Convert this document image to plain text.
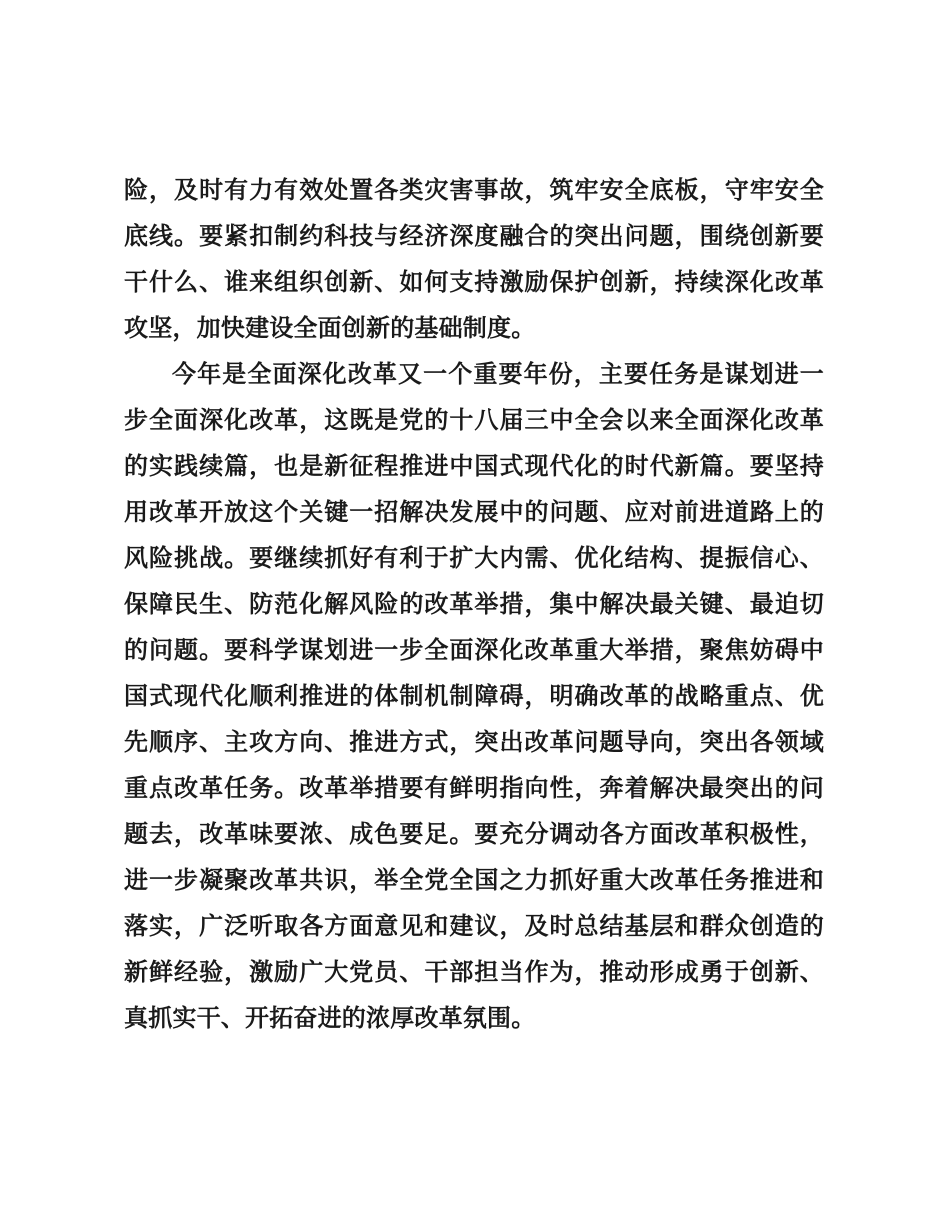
险，及时有力有效处置各类灾害事故，筑牢安全底板，守牢安全
底线。要紧扣制约科技与经济深度融合的突出问题，围绕创新要
干什么、谁来组织创新、如何支持激励保护创新，持续深化改革
攻坚，加快建设全面创新的基础制度。
今年是全面深化改革又一个重要年份，主要任务是谋划进一
步全面深化改革，这既是党的十八届三中全会以来全面深化改革
的实践续篇，也是新征程推进中国式现代化的时代新篇。要坚持
用改革开放这个关键一招解决发展中的问题、应对前进道路上的
风险挑战。要继续抓好有利于扩大内需、优化结构、提振信心、
保障民生、防范化解风险的改革举措，集中解决最关键、最迫切
的问题。要科学谋划进一步全面深化改革重大举措，聚焦妨碍中
国式现代化顺利推进的体制机制障碍，明确改革的战略重点、优
先顺序、主攻方向、推进方式，突出改革问题导向，突出各领域
重点改革任务。改革举措要有鲜明指向性，奔着解决最突出的问
题去，改革味要浓、成色要足。要充分调动各方面改革积极性，
进一步凝聚改革共识，举全党全国之力抓好重大改革任务推进和
落实，广泛听取各方面意见和建议，及时总结基层和群众创造的
新鲜经验，激励广大党员、干部担当作为，推动形成勇于创新、
真抓实干、开拓奋进的浓厚改革氛围。
